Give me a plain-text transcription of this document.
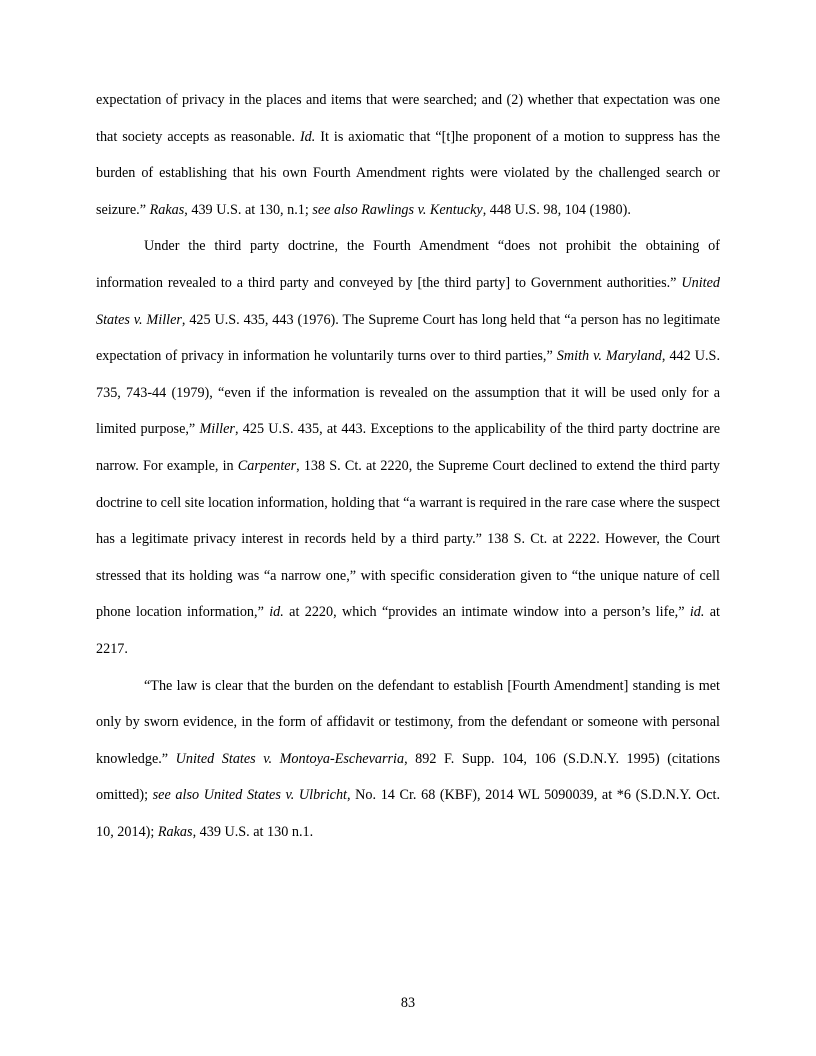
expectation of privacy in the places and items that were searched; and (2) whether that expectation was one that society accepts as reasonable. Id. It is axiomatic that “[t]he proponent of a motion to suppress has the burden of establishing that his own Fourth Amendment rights were violated by the challenged search or seizure.” Rakas, 439 U.S. at 130, n.1; see also Rawlings v. Kentucky, 448 U.S. 98, 104 (1980).

Under the third party doctrine, the Fourth Amendment “does not prohibit the obtaining of information revealed to a third party and conveyed by [the third party] to Government authorities.” United States v. Miller, 425 U.S. 435, 443 (1976). The Supreme Court has long held that “a person has no legitimate expectation of privacy in information he voluntarily turns over to third parties,” Smith v. Maryland, 442 U.S. 735, 743-44 (1979), “even if the information is revealed on the assumption that it will be used only for a limited purpose,” Miller, 425 U.S. 435, at 443. Exceptions to the applicability of the third party doctrine are narrow. For example, in Carpenter, 138 S. Ct. at 2220, the Supreme Court declined to extend the third party doctrine to cell site location information, holding that “a warrant is required in the rare case where the suspect has a legitimate privacy interest in records held by a third party.” 138 S. Ct. at 2222. However, the Court stressed that its holding was “a narrow one,” with specific consideration given to “the unique nature of cell phone location information,” id. at 2220, which “provides an intimate window into a person’s life,” id. at 2217.

“The law is clear that the burden on the defendant to establish [Fourth Amendment] standing is met only by sworn evidence, in the form of affidavit or testimony, from the defendant or someone with personal knowledge.” United States v. Montoya-Eschevarria, 892 F. Supp. 104, 106 (S.D.N.Y. 1995) (citations omitted); see also United States v. Ulbricht, No. 14 Cr. 68 (KBF), 2014 WL 5090039, at *6 (S.D.N.Y. Oct. 10, 2014); Rakas, 439 U.S. at 130 n.1.

83
